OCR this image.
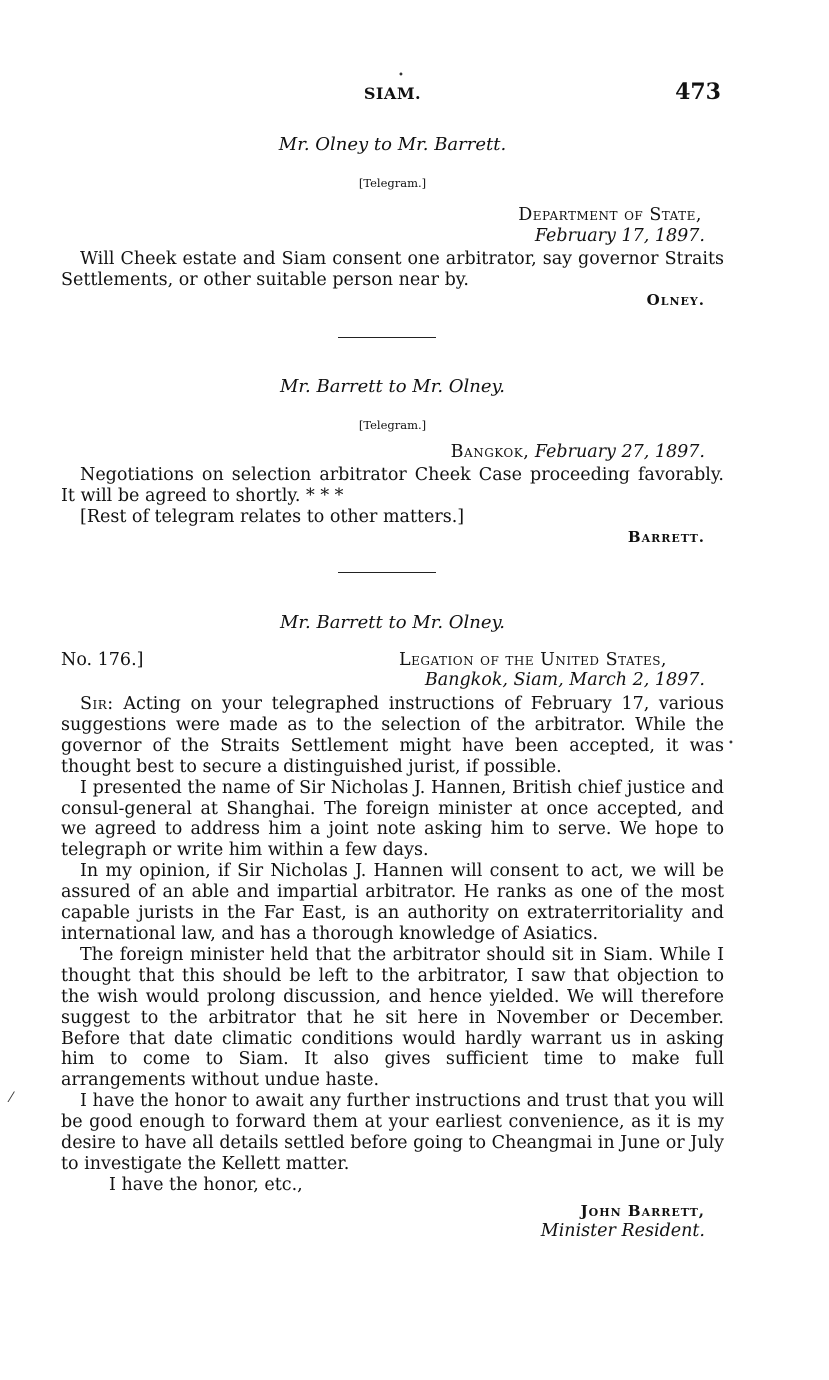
SIAM.	473
Mr. Olney to Mr. Barrett.
[Telegram.]
Department of State,
February 17, 1897.

Will Cheek estate and Siam consent one arbitrator, say governor Straits Settlements, or other suitable person near by.

Olney.
Mr. Barrett to Mr. Olney.
[Telegram.]
Bangkok, February 27, 1897.

Negotiations on selection arbitrator Cheek Case proceeding favorably. It will be agreed to shortly. * * *

[Rest of telegram relates to other matters.]

Barrett.
Mr. Barrett to Mr. Olney.
No. 176.]	Legation of the United States,
Bangkok, Siam, March 2, 1897.

Sir: Acting on your telegraphed instructions of February 17, various suggestions were made as to the selection of the arbitrator. While the governor of the Straits Settlement might have been accepted, it was thought best to secure a distinguished jurist, if possible.

I presented the name of Sir Nicholas J. Hannen, British chief justice and consul-general at Shanghai. The foreign minister at once accepted, and we agreed to address him a joint note asking him to serve. We hope to telegraph or write him within a few days.

In my opinion, if Sir Nicholas J. Hannen will consent to act, we will be assured of an able and impartial arbitrator. He ranks as one of the most capable jurists in the Far East, is an authority on extraterritoriality and international law, and has a thorough knowledge of Asiatics.

The foreign minister held that the arbitrator should sit in Siam. While I thought that this should be left to the arbitrator, I saw that objection to the wish would prolong discussion, and hence yielded. We will therefore suggest to the arbitrator that he sit here in November or December. Before that date climatic conditions would hardly warrant us in asking him to come to Siam. It also gives sufficient time to make full arrangements without undue haste.

I have the honor to await any further instructions and trust that you will be good enough to forward them at your earliest convenience, as it is my desire to have all details settled before going to Cheangmai in June or July to investigate the Kellett matter.

I have the honor, etc.,

John Barrett,
Minister Resident.
•
•
⁄
